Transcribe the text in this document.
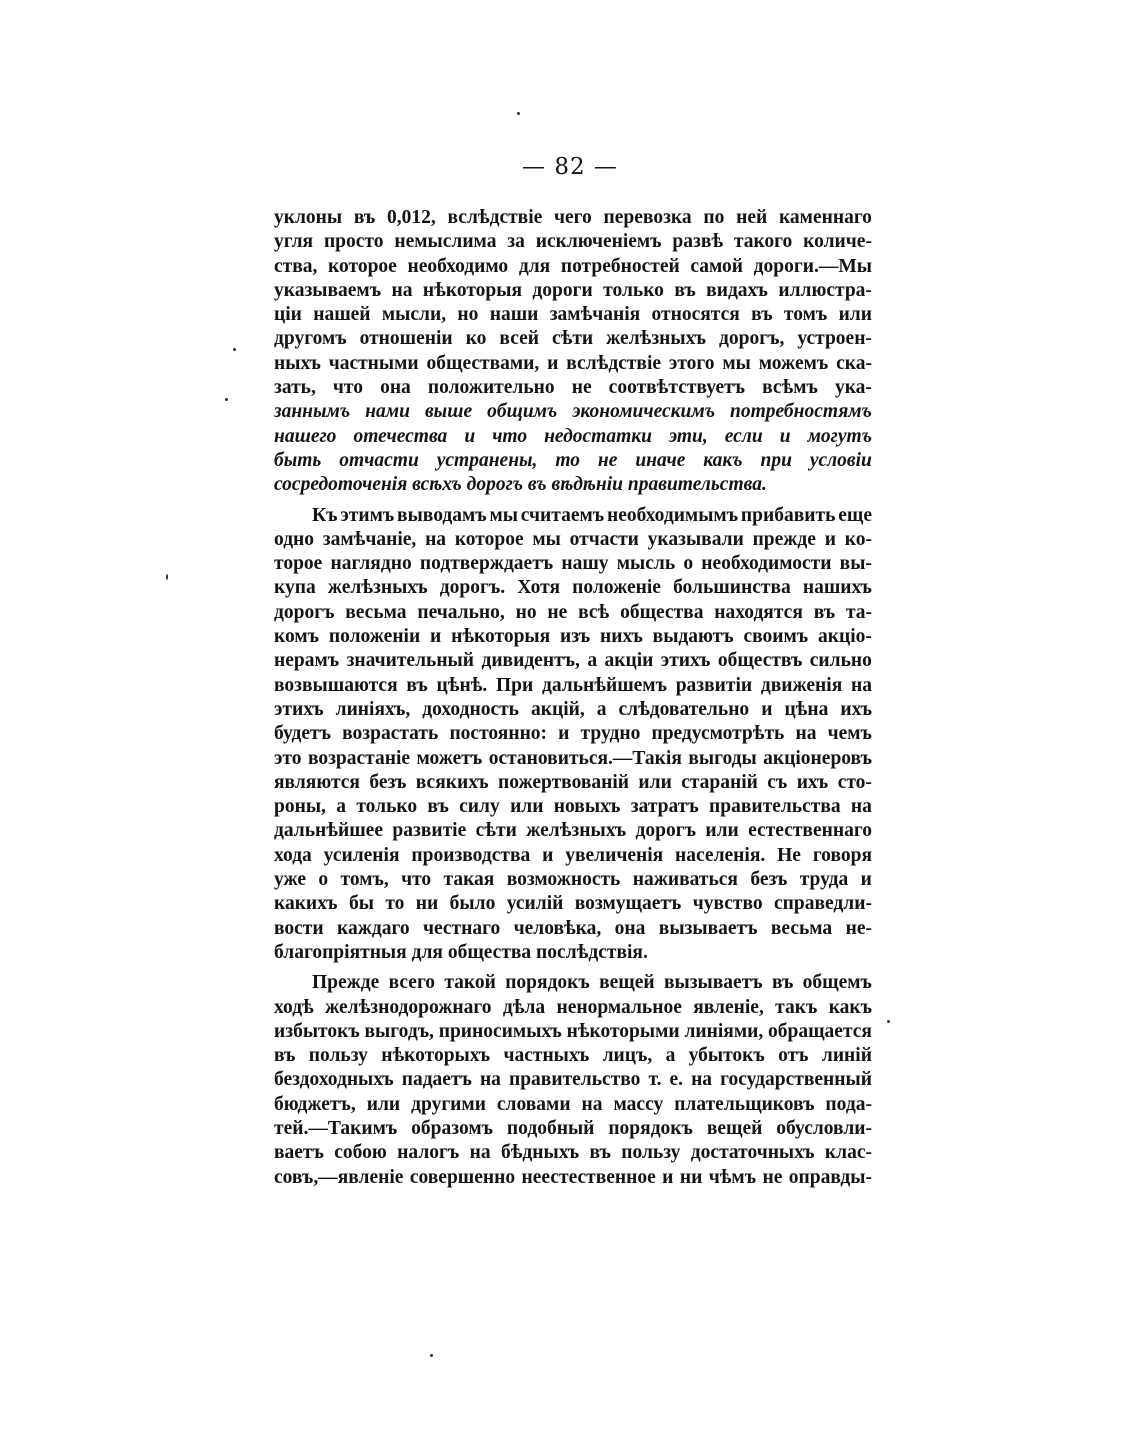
— 82 —
уклоны въ 0,012, вслѣдствіе чего перевозка по ней каменнаго
угля просто немыслима за исключеніемъ развѣ такого количе-
ства, которое необходимо для потребностей самой дороги.—Мы
указываемъ на нѣкоторыя дороги только въ видахъ иллюстра-
ціи нашей мысли, но наши замѣчанія относятся въ томъ или
другомъ отношеніи ко всей сѣти желѣзныхъ дорогъ, устроен-
ныхъ частными обществами, и вслѣдствіе этого мы можемъ ска-
зать, что она положительно не соотвѣтствуетъ всѣмъ ука-
заннымъ нами выше общимъ экономическимъ потребностямъ
нашего отечества и что недостатки эти, если и могутъ
быть отчасти устранены, то не иначе какъ при условіи
сосредоточенія всѣхъ дорогъ въ вѣдѣніи правительства.
Къ этимъ выводамъ мы считаемъ необходимымъ прибавить еще
одно замѣчаніе, на которое мы отчасти указывали прежде и ко-
торое наглядно подтверждаетъ нашу мысль о необходимости вы-
купа желѣзныхъ дорогъ. Хотя положеніе большинства нашихъ
дорогъ весьма печально, но не всѣ общества находятся въ та-
комъ положеніи и нѣкоторыя изъ нихъ выдаютъ своимъ акціо-
нерамъ значительный дивидентъ, а акціи этихъ обществъ сильно
возвышаются въ цѣнѣ. При дальнѣйшемъ развитіи движенія на
этихъ линіяхъ, доходность акцій, а слѣдовательно и цѣна ихъ
будетъ возрастать постоянно: и трудно предусмотрѣть на чемъ
это возрастаніе можетъ остановиться.—Такія выгоды акціонеровъ
являются безъ всякихъ пожертвованій или стараній съ ихъ сто-
роны, а только въ силу или новыхъ затратъ правительства на
дальнѣйшее развитіе сѣти желѣзныхъ дорогъ или естественнаго
хода усиленія производства и увеличенія населенія. Не говоря
уже о томъ, что такая возможность наживаться безъ труда и
какихъ бы то ни было усилій возмущаетъ чувство справедли-
вости каждаго честнаго человѣка, она вызываетъ весьма не-
благопріятныя для общества послѣдствія.
Прежде всего такой порядокъ вещей вызываетъ въ общемъ
ходѣ желѣзнодорожнаго дѣла ненормальное явленіе, такъ какъ
избытокъ выгодъ, приносимыхъ нѣкоторыми линіями, обращается
въ пользу нѣкоторыхъ частныхъ лицъ, а убытокъ отъ линій
бездоходныхъ падаетъ на правительство т. е. на государственный
бюджетъ, или другими словами на массу плательщиковъ пода-
тей.—Такимъ образомъ подобный порядокъ вещей обусловли-
ваетъ собою налогъ на бѣдныхъ въ пользу достаточныхъ клас-
совъ,—явленіе совершенно неестественное и ни чѣмъ не оправды-
